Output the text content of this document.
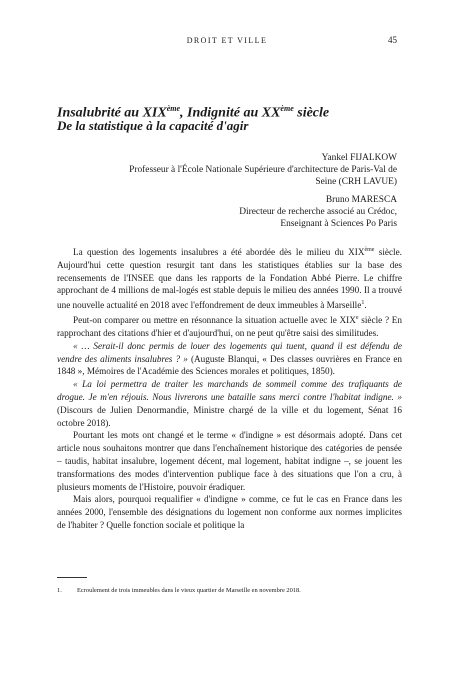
DROIT ET VILLE	45
Insalubrité au XIXème, Indignité au XXème siècle
De la statistique à la capacité d'agir
Yankel FIJALKOW
Professeur à l'École Nationale Supérieure d'architecture de Paris-Val de
Seine (CRH LAVUE)
Bruno MARESCA
Directeur de recherche associé au Crédoc,
Enseignant à Sciences Po Paris

La question des logements insalubres a été abordée dès le milieu du XIXème siècle. Aujourd'hui cette question resurgit tant dans les statistiques établies sur la base des recensements de l'INSEE que dans les rapports de la Fondation Abbé Pierre. Le chiffre approchant de 4 millions de mal-logés est stable depuis le milieu des années 1990. Il a trouvé une nouvelle actualité en 2018 avec l'effondrement de deux immeubles à Marseille$^1$.

Peut-on comparer ou mettre en résonnance la situation actuelle avec le XIXe siècle ? En rapprochant des citations d'hier et d'aujourd'hui, on ne peut qu'être saisi des similitudes.

« … Serait-il donc permis de louer des logements qui tuent, quand il est défendu de vendre des aliments insalubres ? » (Auguste Blanqui, « Des classes ouvrières en France en 1848 », Mémoires de l'Académie des Sciences morales et politiques, 1850).

« La loi permettra de traiter les marchands de sommeil comme des trafiquants de drogue. Je m'en réjouis. Nous livrerons une bataille sans merci contre l'habitat indigne. » (Discours de Julien Denormandie, Ministre chargé de la ville et du logement, Sénat 16 octobre 2018).

Pourtant les mots ont changé et le terme « d'indigne » est désormais adopté. Dans cet article nous souhaitons montrer que dans l'enchaînement historique des catégories de pensée – taudis, habitat insalubre, logement décent, mal logement, habitat indigne –, se jouent les transformations des modes d'intervention publique face à des situations que l'on a cru, à plusieurs moments de l'Histoire, pouvoir éradiquer.

Mais alors, pourquoi requalifier « d'indigne » comme, ce fut le cas en France dans les années 2000, l'ensemble des désignations du logement non conforme aux normes implicites de l'habiter ? Quelle fonction sociale et politique la

1. Ecroulement de trois immeubles dans le vieux quartier de Marseille en novembre 2018.
